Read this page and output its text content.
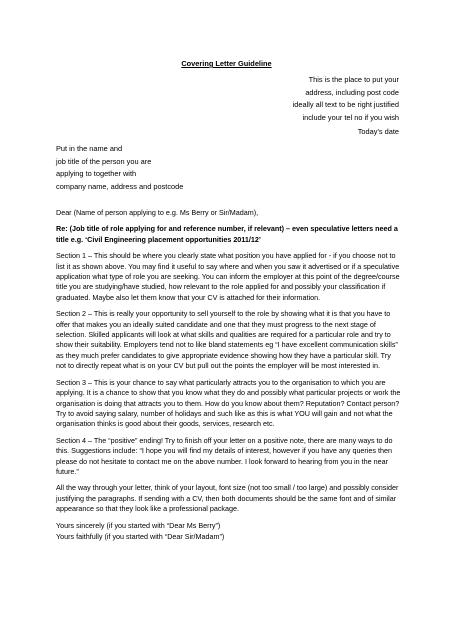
Covering Letter Guideline
This is the place to put your
address, including post code
ideally all text to be right justified
include your tel no if you wish
Today's date
Put in the name and
job title of the person you are
applying to together with
company name, address and postcode

Dear (Name of person applying to e.g. Ms Berry or Sir/Madam),

Re: (Job title of role applying for and reference number, if relevant) – even speculative letters need a title e.g. ‘Civil Engineering placement opportunities 2011/12’

Section 1 – This should be where you clearly state what position you have applied for - if you choose not to list it as shown above. You may find it useful to say where and when you saw it advertised or if a speculative application what type of role you are seeking. You can inform the employer at this point of the degree/course title you are studying/have studied, how relevant to the role applied for and possibly your classification if graduated. Maybe also let them know that your CV is attached for their information.

Section 2 – This is really your opportunity to sell yourself to the role by showing what it is that you have to offer that makes you an ideally suited candidate and one that they must progress to the next stage of selection. Skilled applicants will look at what skills and qualities are required for a particular role and try to show their suitability. Employers tend not to like bland statements eg “I have excellent communication skills” as they much prefer candidates to give appropriate evidence showing how they have a particular skill. Try not to directly repeat what is on your CV but pull out the points the employer will be most interested in.

Section 3 – This is your chance to say what particularly attracts you to the organisation to which you are applying. It is a chance to show that you know what they do and possibly what particular projects or work the organisation is doing that attracts you to them. How do you know about them? Reputation? Contact person? Try to avoid saying salary, number of holidays and such like as this is what YOU will gain and not what the organisation thinks is good about their goods, services, research etc.

Section 4 – The “positive” ending! Try to finish off your letter on a positive note, there are many ways to do this. Suggestions include: “I hope you will find my details of interest, however if you have any queries then please do not hesitate to contact me on the above number. I look forward to hearing from you in the near future.”

All the way through your letter, think of your layout, font size (not too small / too large) and possibly consider justifying the paragraphs. If sending with a CV, then both documents should be the same font and of similar appearance so that they look like a professional package.

Yours sincerely (if you started with “Dear Ms Berry”)

Yours faithfully (if you started with “Dear Sir/Madam”)
